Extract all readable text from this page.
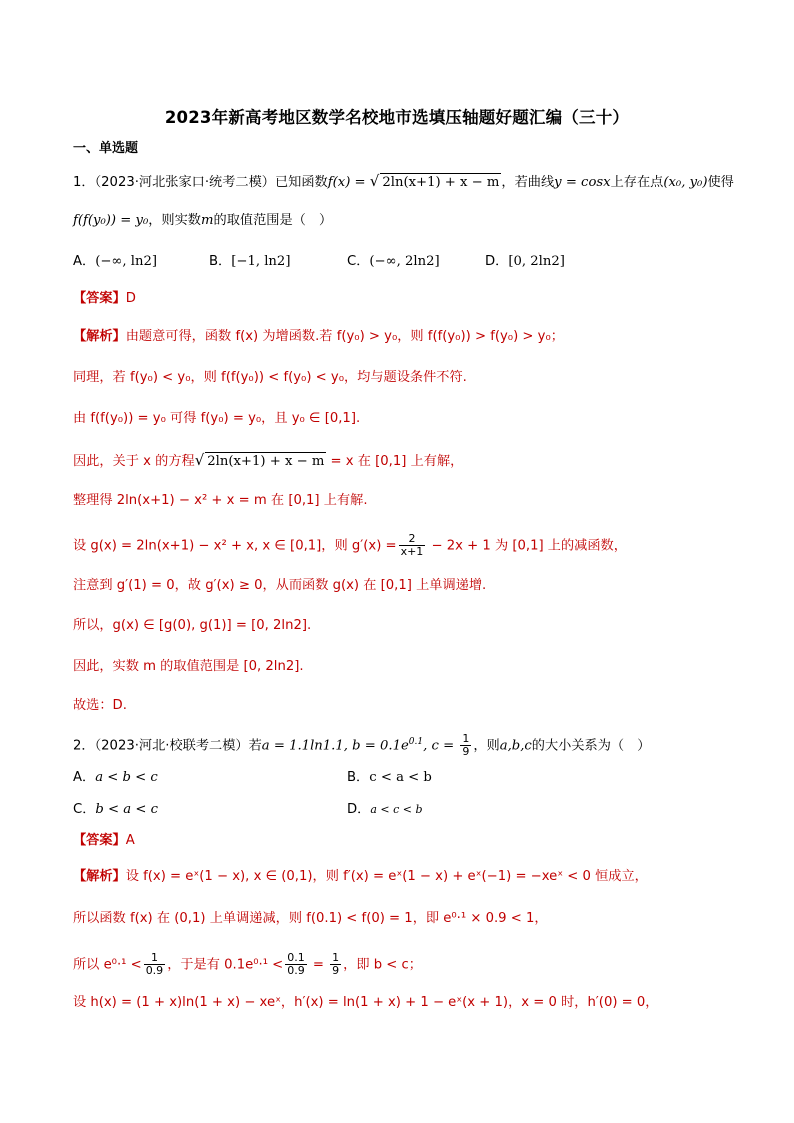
2023年新高考地区数学名校地市选填压轴题好题汇编（三十）
一、单选题
1．（2023·河北张家口·统考二模）已知函数f(x) = √ 2ln(x+1) + x − m ，若曲线y = cosx上存在点(x₀, y₀)使得
f(f(y₀)) = y₀，则实数m的取值范围是（　）
A．(−∞, ln2]	B．[−1, ln2]	C．(−∞, 2ln2]	D．[0, 2ln2]
【答案】D
【解析】由题意可得，函数 f(x) 为增函数.若 f(y₀) > y₀，则 f(f(y₀)) > f(y₀) > y₀；
同理，若 f(y₀) < y₀，则 f(f(y₀)) < f(y₀) < y₀，均与题设条件不符.
由 f(f(y₀)) = y₀ 可得 f(y₀) = y₀，且 y₀ ∈ [0,1].
因此，关于 x 的方程√ 2ln(x+1) + x − m = x 在 [0,1] 上有解，
整理得 2ln(x+1) − x² + x = m 在 [0,1] 上有解.
设 g(x) = 2ln(x+1) − x² + x, x ∈ [0,1]，则 $g'(x) = \frac{2}{x+1} - 2x + 1$ 为 [0,1] 上的减函数，
注意到 g′(1) = 0，故 g′(x) ≥ 0，从而函数 g(x) 在 [0,1] 上单调递增.
所以，g(x) ∈ [g(0), g(1)] = [0, 2ln2].
因此，实数 m 的取值范围是 [0, 2ln2].
故选：D.
2．（2023·河北·校联考二模）若a = 1.1ln1.1, $b = 0.1e^{0.1}$, $c = \frac{1}{9}$ ，则a,b,c的大小关系为（　）
A．a < b < c	B．c < a < b
C．b < a < c	D．a < c < b
【答案】A
【解析】设 f(x) = eˣ(1 − x), x ∈ (0,1)，则 f′(x) = eˣ(1 − x) + eˣ(−1) = −xeˣ < 0 恒成立，
所以函数 f(x) 在 (0,1) 上单调递减，则 f(0.1) < f(0) = 1，即 e⁰·¹ × 0.9 < 1，
所以 $e^0\cdot^1 < \frac{1}{0.9}$ ，于是有 $0.1e^0\cdot^1 < \frac{0.1}{0.9} = \frac{1}{9}$ ，即 b < c；
设 h(x) = (1 + x)ln(1 + x) − xeˣ，h′(x) = ln(1 + x) + 1 − eˣ(x + 1)，x = 0 时，h′(0) = 0，
